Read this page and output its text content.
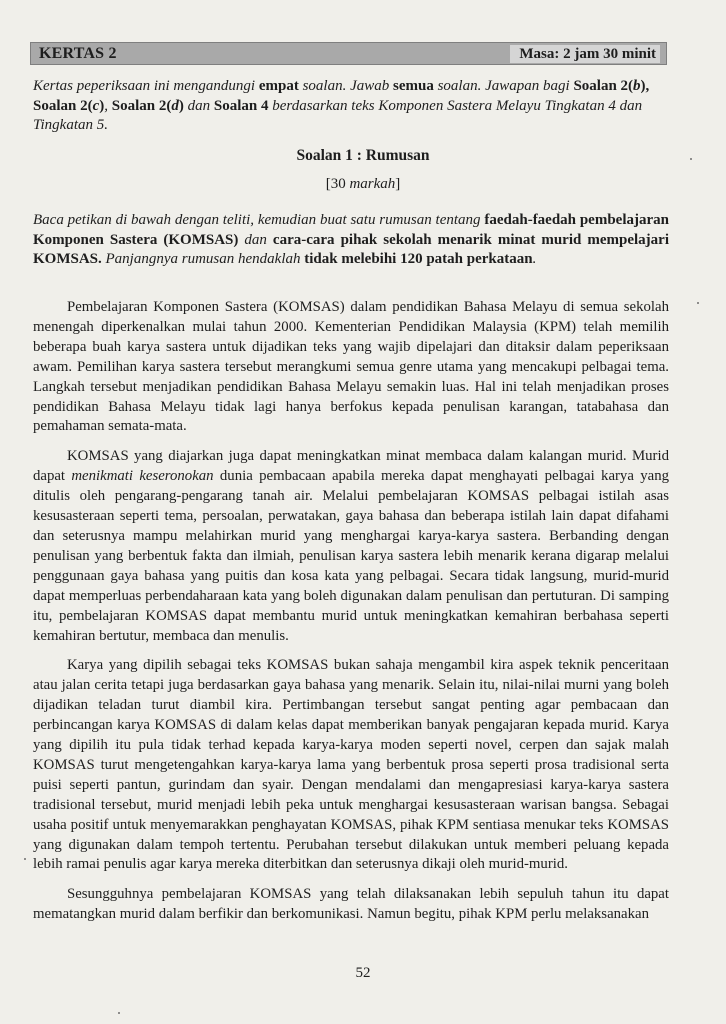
KERTAS 2	Masa: 2 jam 30 minit
Kertas peperiksaan ini mengandungi empat soalan. Jawab semua soalan. Jawapan bagi Soalan 2(b), Soalan 2(c), Soalan 2(d) dan Soalan 4 berdasarkan teks Komponen Sastera Melayu Tingkatan 4 dan Tingkatan 5.
Soalan 1 : Rumusan
[30 markah]
Baca petikan di bawah dengan teliti, kemudian buat satu rumusan tentang faedah-faedah pembelajaran Komponen Sastera (KOMSAS) dan cara-cara pihak sekolah menarik minat murid mempelajari KOMSAS. Panjangnya rumusan hendaklah tidak melebihi 120 patah perkataan.

Pembelajaran Komponen Sastera (KOMSAS) dalam pendidikan Bahasa Melayu di semua sekolah menengah diperkenalkan mulai tahun 2000. Kementerian Pendidikan Malaysia (KPM) telah memilih beberapa buah karya sastera untuk dijadikan teks yang wajib dipelajari dan ditaksir dalam peperiksaan awam. Pemilihan karya sastera tersebut merangkumi semua genre utama yang mencakupi pelbagai tema. Langkah tersebut menjadikan pendidikan Bahasa Melayu semakin luas. Hal ini telah menjadikan proses pendidikan Bahasa Melayu tidak lagi hanya berfokus kepada penulisan karangan, tatabahasa dan pemahaman semata-mata.

KOMSAS yang diajarkan juga dapat meningkatkan minat membaca dalam kalangan murid. Murid dapat menikmati keseronokan dunia pembacaan apabila mereka dapat menghayati pelbagai karya yang ditulis oleh pengarang-pengarang tanah air. Melalui pembelajaran KOMSAS pelbagai istilah asas kesusasteraan seperti tema, persoalan, perwatakan, gaya bahasa dan beberapa istilah lain dapat difahami dan seterusnya mampu melahirkan murid yang menghargai karya-karya sastera. Berbanding dengan penulisan yang berbentuk fakta dan ilmiah, penulisan karya sastera lebih menarik kerana digarap melalui penggunaan gaya bahasa yang puitis dan kosa kata yang pelbagai. Secara tidak langsung, murid-murid dapat memperluas perbendaharaan kata yang boleh digunakan dalam penulisan dan pertuturan. Di samping itu, pembelajaran KOMSAS dapat membantu murid untuk meningkatkan kemahiran berbahasa seperti kemahiran bertutur, membaca dan menulis.

Karya yang dipilih sebagai teks KOMSAS bukan sahaja mengambil kira aspek teknik penceritaan atau jalan cerita tetapi juga berdasarkan gaya bahasa yang menarik. Selain itu, nilai-nilai murni yang boleh dijadikan teladan turut diambil kira. Pertimbangan tersebut sangat penting agar pembacaan dan perbincangan karya KOMSAS di dalam kelas dapat memberikan banyak pengajaran kepada murid. Karya yang dipilih itu pula tidak terhad kepada karya-karya moden seperti novel, cerpen dan sajak malah KOMSAS turut mengetengahkan karya-karya lama yang berbentuk prosa seperti prosa tradisional serta puisi seperti pantun, gurindam dan syair. Dengan mendalami dan mengapresiasi karya-karya sastera tradisional tersebut, murid menjadi lebih peka untuk menghargai kesusasteraan warisan bangsa. Sebagai usaha positif untuk menyemarakkan penghayatan KOMSAS, pihak KPM sentiasa menukar teks KOMSAS yang digunakan dalam tempoh tertentu. Perubahan tersebut dilakukan untuk memberi peluang kepada lebih ramai penulis agar karya mereka diterbitkan dan seterusnya dikaji oleh murid-murid.

Sesungguhnya pembelajaran KOMSAS yang telah dilaksanakan lebih sepuluh tahun itu dapat mematangkan murid dalam berfikir dan berkomunikasi. Namun begitu, pihak KPM perlu melaksanakan

52
